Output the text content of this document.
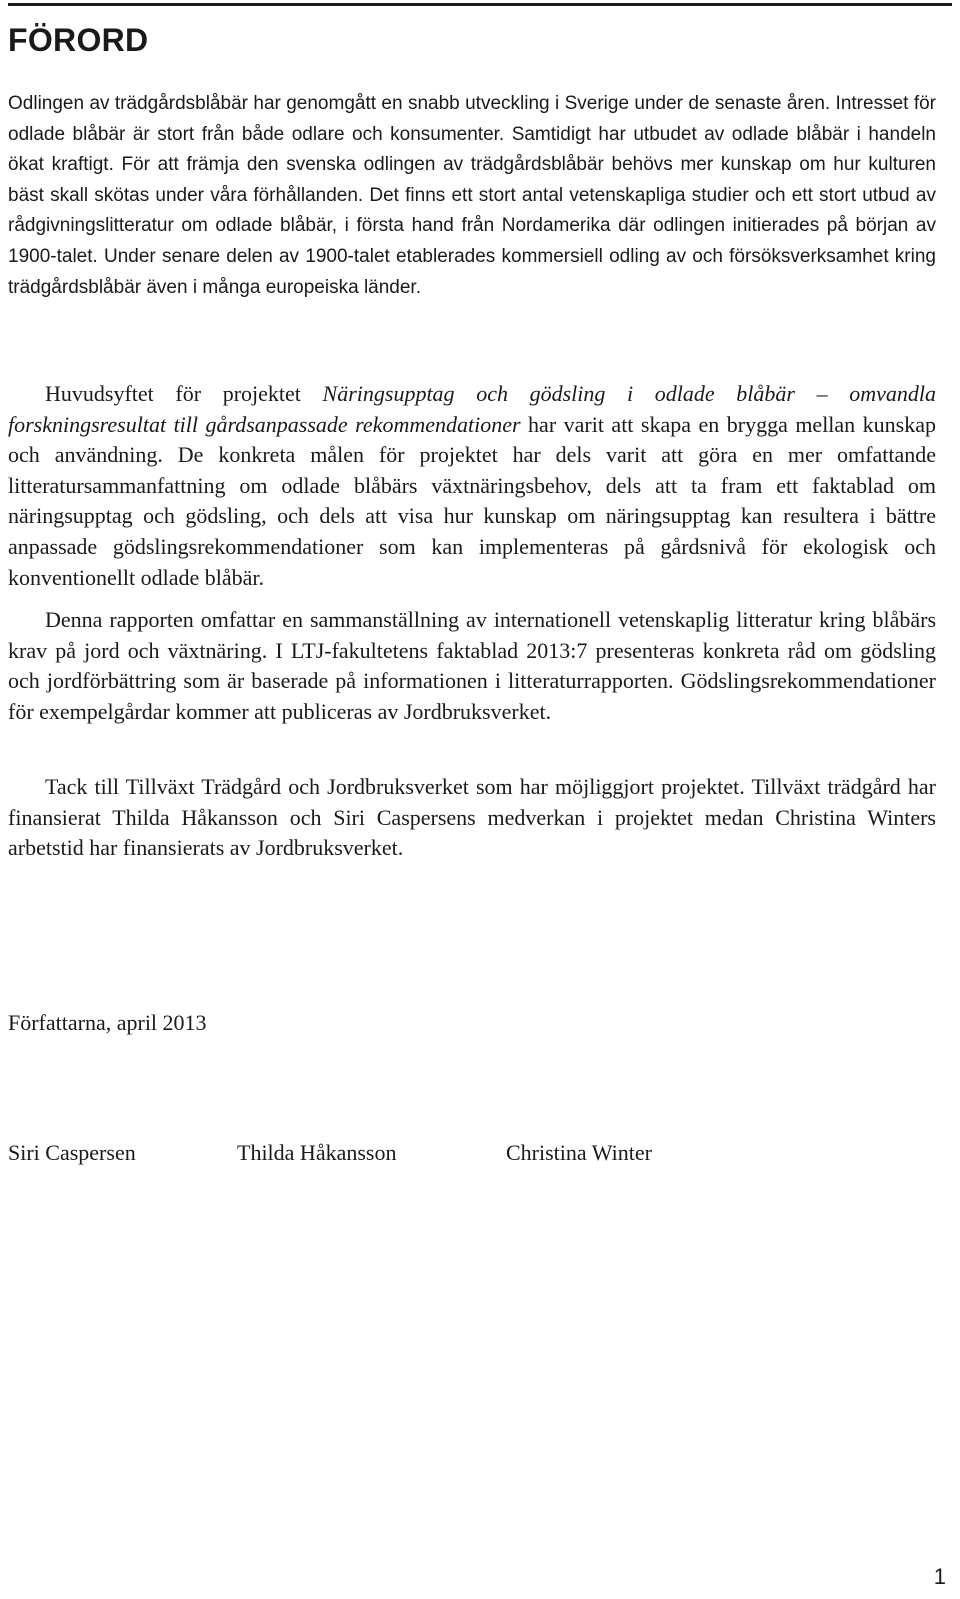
FÖRORD

Odlingen av trädgårdsblåbär har genomgått en snabb utveckling i Sverige under de senaste åren. Intresset för odlade blåbär är stort från både odlare och konsumenter. Samtidigt har utbudet av odlade blåbär i handeln ökat kraftigt. För att främja den svenska odlingen av trädgårdsblåbär behövs mer kunskap om hur kulturen bäst skall skötas under våra förhållanden. Det finns ett stort antal vetenskapliga studier och ett stort utbud av rådgivningslitteratur om odlade blåbär, i första hand från Nordamerika där odlingen initierades på början av 1900-talet. Under senare delen av 1900-talet etablerades kommersiell odling av och försöksverksamhet kring trädgårdsblåbär även i många europeiska länder.

Huvudsyftet för projektet Näringsupptag och gödsling i odlade blåbär – omvandla forskningsresultat till gårdsanpassade rekommendationer har varit att skapa en brygga mellan kunskap och användning. De konkreta målen för projektet har dels varit att göra en mer omfattande litteratursammanfattning om odlade blåbärs växtnäringsbehov, dels att ta fram ett faktablad om näringsupptag och gödsling, och dels att visa hur kunskap om näringsupptag kan resultera i bättre anpassade gödslingsrekommendationer som kan implementeras på gårdsnivå för ekologisk och konventionellt odlade blåbär.

Denna rapporten omfattar en sammanställning av internationell vetenskaplig litteratur kring blåbärs krav på jord och växtnäring. I LTJ-fakultetens faktablad 2013:7 presenteras konkreta råd om gödsling och jordförbättring som är baserade på informationen i litteraturrapporten. Gödslingsrekommendationer för exempelgårdar kommer att publiceras av Jordbruksverket.

Tack till Tillväxt Trädgård och Jordbruksverket som har möjliggjort projektet. Tillväxt trädgård har finansierat Thilda Håkansson och Siri Caspersens medverkan i projektet medan Christina Winters arbetstid har finansierats av Jordbruksverket.

Författarna, april 2013

Siri Caspersen	Thilda Håkansson	Christina Winter

1
